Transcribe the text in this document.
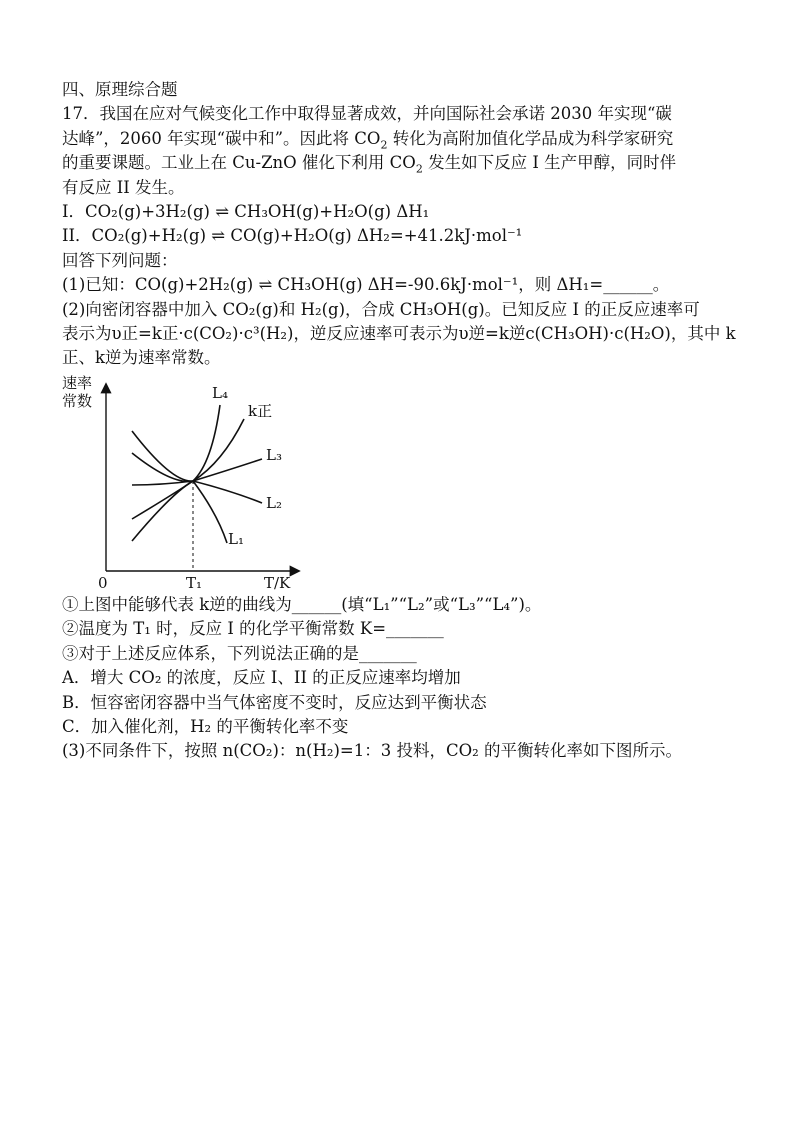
四、原理综合题
17．我国在应对气候变化工作中取得显著成效，并向国际社会承诺 2030 年实现“碳
达峰”，2060 年实现“碳中和”。因此将 $CO_2$ 转化为高附加值化学品成为科学家研究
的重要课题。工业上在 Cu-ZnO 催化下利用 $CO_2$ 发生如下反应 I 生产甲醇，同时伴
有反应 II 发生。
I．CO₂(g)+3H₂(g) ⇌ CH₃OH(g)+H₂O(g) ΔH₁
II．CO₂(g)+H₂(g) ⇌ CO(g)+H₂O(g) ΔH₂=+41.2kJ·mol⁻¹
回答下列问题：
(1)已知：CO(g)+2H₂(g) ⇌ CH₃OH(g) ΔH=-90.6kJ·mol⁻¹，则 ΔH₁=______。
(2)向密闭容器中加入 CO₂(g)和 H₂(g)，合成 CH₃OH(g)。已知反应 I 的正反应速率可
表示为υ正=k正·c(CO₂)·c³(H₂)，逆反应速率可表示为υ逆=k逆c(CH₃OH)·c(H₂O)，其中 k
正、k逆为速率常数。
速率
常数
0	T₁	T/K
L₄
k正
L₃
L₂
L₁
①上图中能够代表 k逆的曲线为______(填“L₁”“L₂”或“L₃”“L₄”)。
②温度为 T₁ 时，反应 I 的化学平衡常数 K=_______
③对于上述反应体系，下列说法正确的是_______
A．增大 CO₂ 的浓度，反应 I、II 的正反应速率均增加
B．恒容密闭容器中当气体密度不变时，反应达到平衡状态
C．加入催化剂，H₂ 的平衡转化率不变
(3)不同条件下，按照 n(CO₂)：n(H₂)=1：3 投料，CO₂ 的平衡转化率如下图所示。
